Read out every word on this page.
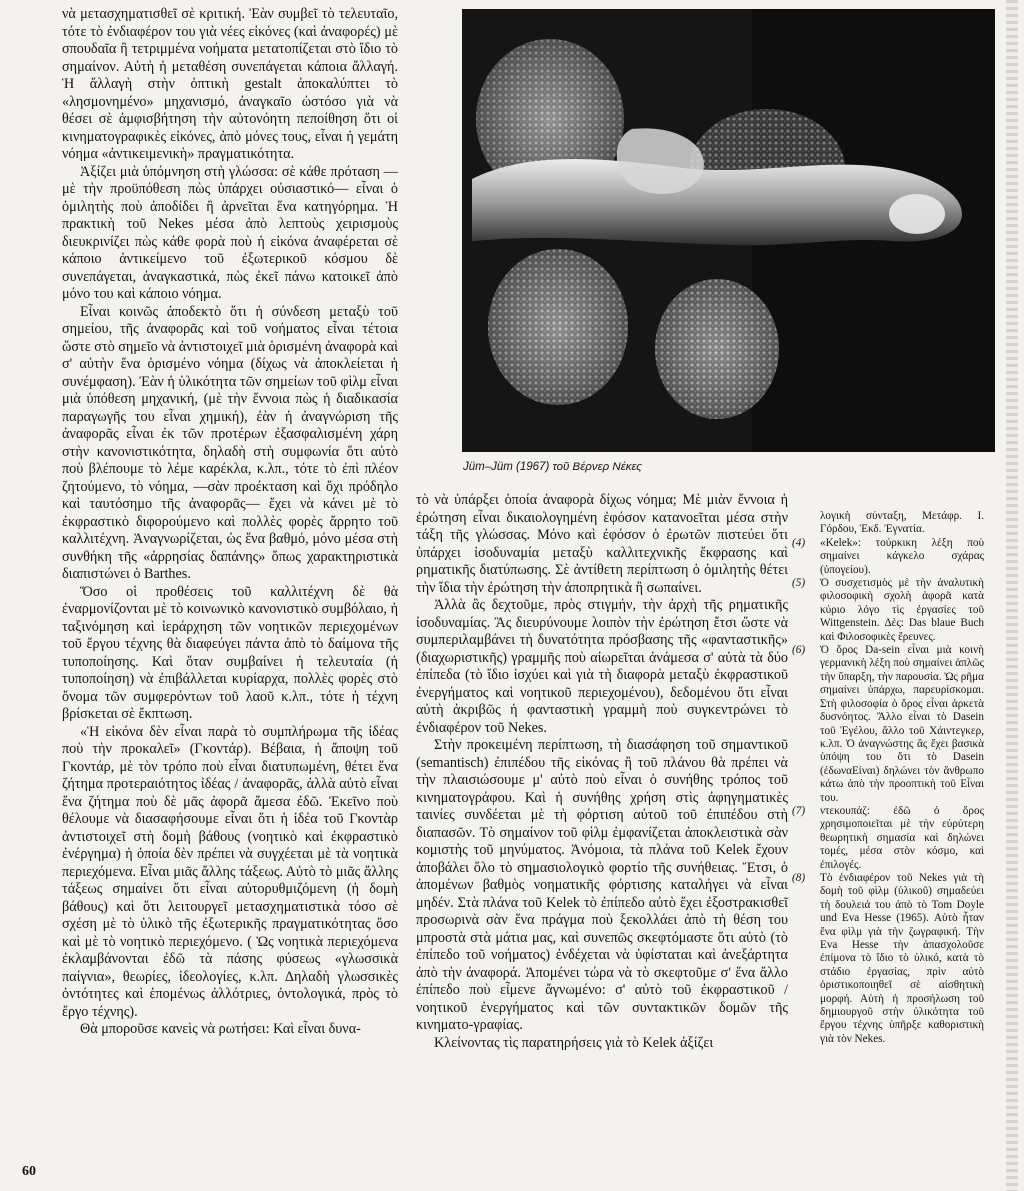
νὰ μετασχηματισθεῖ σὲ κριτική. Ἐὰν συμβεῖ τὸ τελευταῖο, τότε τὸ ἐνδιαφέρον του γιὰ νέες εἰκόνες (καὶ ἀναφορές) μὲ σπουδαῖα ἢ τετριμμένα νοήματα μετατοπίζεται στὸ ἴδιο τὸ σημαίνον. Αὐτὴ ἡ μεταθέση συνεπάγεται κάποια ἄλλαγή. Ἡ ἄλλαγὴ στὴν ὀπτικὴ gestalt ἀποκαλύπτει τὸ «λησμονημένο» μηχανισμό, ἀναγκαῖο ὡστόσο γιὰ νὰ θέσει σὲ ἀμφισβήτηση τὴν αὐτονόητη πεποίθηση ὅτι οἱ κινηματογραφικὲς εἰκόνες, ἀπὸ μόνες τους, εἶναι ἡ γεμάτη νόημα «ἀντικειμενικὴ» πραγματικότητα.

Ἀξίζει μιὰ ὑπόμνηση στὴ γλώσσα: σὲ κάθε πρόταση —μὲ τὴν προϋπόθεση πὼς ὑπάρχει οὐσιαστικό— εἶναι ὁ ὁμιλητὴς ποὺ ἀποδίδει ἢ ἀρνεῖται ἕνα κατηγόρημα. Ἡ πρακτικὴ τοῦ Nekes μέσα ἀπὸ λεπτοὺς χειρισμοὺς διευκρινίζει πὼς κάθε φορὰ ποὺ ἡ εἰκόνα ἀναφέρεται σὲ κάποιο ἀντικείμενο τοῦ ἐξωτερικοῦ κόσμου δὲ συνεπάγεται, ἀναγκαστικά, πὼς ἐκεῖ πάνω κατοικεῖ ἀπὸ μόνο του καὶ κάποιο νόημα.

Εἶναι κοινῶς ἀποδεκτὸ ὅτι ἡ σύνδεση μεταξὺ τοῦ σημείου, τῆς ἀναφορᾶς καὶ τοῦ νοήματος εἶναι τέτοια ὥστε στὸ σημεῖο νὰ ἀντιστοιχεῖ μιὰ ὁρισμένη ἀναφορὰ καὶ σ' αὐτὴν ἕνα ὁρισμένο νόημα (δίχως νὰ ἀποκλείεται ἡ συνέμφαση). Ἐὰν ἡ ὑλικότητα τῶν σημείων τοῦ φὶλμ εἶναι μιὰ ὑπόθεση μηχανική, (μὲ τὴν ἔννοια πὼς ἡ διαδικασία παραγωγῆς του εἶναι χημική), ἐὰν ἡ ἀναγνώριση τῆς ἀναφορᾶς εἶναι ἐκ τῶν προτέρων ἐξασφαλισμένη χάρη στὴν κανονιστικότητα, δηλαδὴ στὴ συμφωνία ὅτι αὐτὸ ποὺ βλέπουμε τὸ λέμε καρέκλα, κ.λπ., τότε τὸ ἐπὶ πλέον ζητούμενο, τὸ νόημα, —σὰν προέκταση καὶ ὄχι πρόδηλο καὶ ταυτόσημο τῆς ἀναφορᾶς— ἔχει νὰ κάνει μὲ τὸ ἐκφραστικὸ διφορούμενο καὶ πολλὲς φορὲς ἄρρητο τοῦ καλλιτέχνη. Ἀναγνωρίζεται, ὡς ἕνα βαθμό, μόνο μέσα στὴ συνθήκη τῆς «ἀρρησίας δαπάνης» ὅπως χαρακτηριστικὰ διαπιστώνει ὁ Barthes.

Ὅσο οἱ προθέσεις τοῦ καλλιτέχνη δὲ θὰ ἐναρμονίζονται μὲ τὸ κοινωνικὸ κανονιστικὸ συμβόλαιο, ἡ ταξινόμηση καὶ ἱεράρχηση τῶν νοητικῶν περιεχομένων τοῦ ἔργου τέχνης θὰ διαφεύγει πάντα ἀπὸ τὸ δαίμονα τῆς τυποποίησης. Καὶ ὅταν συμβαίνει ἡ τελευταία (ἡ τυποποίηση) νὰ ἐπιβάλλεται κυρίαρχα, πολλὲς φορὲς στὸ ὄνομα τῶν συμφερόντων τοῦ λαοῦ κ.λπ., τότε ἡ τέχνη βρίσκεται σὲ ἔκπτωση.

«Ἡ εἰκόνα δὲν εἶναι παρὰ τὸ συμπλήρωμα τῆς ἰδέας ποὺ τὴν προκαλεῖ» (Γκοντάρ). Βέβαια, ἡ ἄποψη τοῦ Γκοντάρ, μὲ τὸν τρόπο ποὺ εἶναι διατυπωμένη, θέτει ἕνα ζήτημα προτεραιότητος ἰδέας / ἀναφορᾶς, ἀλλὰ αὐτὸ εἶναι ἕνα ζήτημα ποὺ δὲ μᾶς ἀφορᾶ ἄμεσα ἐδῶ. Ἐκεῖνο ποὺ θέλουμε νὰ διασαφήσουμε εἶναι ὅτι ἡ ἰδέα τοῦ Γκοντὰρ ἀντιστοιχεῖ στὴ δομὴ βάθους (νοητικὸ καὶ ἐκφραστικὸ ἐνέργημα) ἡ ὁποία δὲν πρέπει νὰ συγχέεται μὲ τὰ νοητικὰ περιεχόμενα. Εἶναι μιᾶς ἄλλης τάξεως. Αὐτὸ τὸ μιᾶς ἄλλης τάξεως σημαίνει ὅτι εἶναι αὐτορυθμιζόμενη (ἡ δομὴ βάθους) καὶ ὅτι λειτουργεῖ μετασχηματιστικὰ τόσο σὲ σχέση μὲ τὸ ὑλικὸ τῆς ἐξωτερικῆς πραγματικότητας ὅσο καὶ μὲ τὸ νοητικὸ περιεχόμενο. ( Ὡς νοητικὰ περιεχόμενα ἐκλαμβάνονται ἐδῶ τὰ πάσης φύσεως «γλωσσικὰ παίγνια», θεωρίες, ἰδεολογίες, κ.λπ. Δηλαδὴ γλωσσικὲς ὀντότητες καὶ ἑπομένως ἀλλότριες, ὀντολογικά, πρὸς τὸ ἔργο τέχνης).

Θὰ μποροῦσε κανεὶς νὰ ρωτήσει: Καὶ εἶναι δυνα-

Jüm–Jüm (1967) τοῦ Βέρνερ Νέκες

τὸ νὰ ὑπάρξει ὁποία ἀναφορὰ δίχως νόημα; Μὲ μιὰν ἔννοια ἡ ἐρώτηση εἶναι δικαιολογημένη ἐφόσον κατανοεῖται μέσα στὴν τάξη τῆς γλώσσας. Μόνο καὶ ἐφόσον ὁ ἐρωτῶν πιστεύει ὅτι ὑπάρχει ἰσοδυναμία μεταξὺ καλλιτεχνικῆς ἔκφρασης καὶ ρηματικῆς διατύπωσης. Σὲ ἀντίθετη περίπτωση ὁ ὁμιλητὴς θέτει τὴν ἴδια τὴν ἐρώτηση τὴν ἀποπρητικὰ ἢ σωπαίνει.

Ἀλλὰ ἂς δεχτοῦμε, πρὸς στιγμήν, τὴν ἀρχὴ τῆς ρηματικῆς ἰσοδυναμίας. Ἂς διευρύνουμε λοιπὸν τὴν ἐρώτηση ἔτσι ὥστε νὰ συμπεριλαμβάνει τὴ δυνατότητα πρόσβασης τῆς «φανταστικῆς» (διαχωριστικῆς) γραμμῆς ποὺ αἰωρεῖται ἀνάμεσα σ' αὐτὰ τὰ δύο ἐπίπεδα (τὸ ἴδιο ἰσχύει καὶ γιὰ τὴ διαφορὰ μεταξὺ ἐκφραστικοῦ ἐνεργήματος καὶ νοητικοῦ περιεχομένου), δεδομένου ὅτι εἶναι αὐτὴ ἀκριβῶς ἡ φανταστικὴ γραμμὴ ποὺ συγκεντρώνει τὸ ἐνδιαφέρον τοῦ Nekes.

Στὴν προκειμένη περίπτωση, τὴ διασάφηση τοῦ σημαντικοῦ (semantisch) ἐπιπέδου τῆς εἰκόνας ἢ τοῦ πλάνου θὰ πρέπει νὰ τὴν πλαισιώσουμε μ' αὐτὸ ποὺ εἶναι ὁ συνήθης τρόπος τοῦ κινηματογράφου. Καὶ ἡ συνήθης χρήση στὶς ἀφηγηματικὲς ταινίες συνδέεται μὲ τὴ φόρτιση αὐτοῦ τοῦ ἐπιπέδου στὴ διαπασῶν. Τὸ σημαίνον τοῦ φὶλμ ἐμφανίζεται ἀποκλειστικὰ σὰν κομιστὴς τοῦ μηνύματος. Ἀνόμοια, τὰ πλάνα τοῦ Kelek ἔχουν ἀποβάλει ὅλο τὸ σημασιολογικὸ φορτίο τῆς συνήθειας. Ἔτσι, ὁ ἀπομένων βαθμὸς νοηματικῆς φόρτισης καταλήγει νὰ εἶναι μηδέν. Στὰ πλάνα τοῦ Kelek τὸ ἐπίπεδο αὐτὸ ἔχει ἐξοστρακισθεῖ προσωρινὰ σὰν ἕνα πράγμα ποὺ ξεκολλάει ἀπὸ τὴ θέση του μπροστὰ στὰ μάτια μας, καὶ συνεπῶς σκεφτόμαστε ὅτι αὐτὸ (τὸ ἐπίπεδο τοῦ νοήματος) ἐνδέχεται νὰ ὑφίσταται καὶ ἀνεξάρτητα ἀπὸ τὴν ἀναφορά. Ἀπομένει τώρα νὰ τὸ σκεφτοῦμε σ' ἕνα ἄλλο ἐπίπεδο ποὺ εἶμενε ἄγνωμένο: σ' αὐτὸ τοῦ ἐκφραστικοῦ / νοητικοῦ ἐνεργήματος καὶ τῶν συντακτικῶν δομῶν τῆς κινηματο-γραφίας.

Κλείνοντας τὶς παρατηρήσεις γιὰ τὸ Kelek ἀξίζει

λογικὴ σύνταξη, Μετάφρ. Ι. Γόρδου, Ἐκδ. Ἐγνατία.
(4)	«Kelek»: τούρκικη λέξη ποὺ σημαίνει κάγκελο σχάρας (ὑπογείου).
(5)	Ὁ συσχετισμὸς μὲ τὴν ἀναλυτικὴ φιλοσοφικὴ σχολὴ ἀφορᾶ κατὰ κύριο λόγο τὶς ἐργασίες τοῦ Wittgenstein. Δὲς: Das blaue Buch καὶ Φιλοσοφικὲς ἔρευνες.
(6)	Ὁ ὅρος Da-sein εἶναι μιὰ κοινὴ γερμανικὴ λέξη ποὺ σημαίνει ἁπλῶς τὴν ὕπαρξη, τὴν παρουσία. Ὡς ρῆμα σημαίνει ὑπάρχω, παρευρίσκομαι. Στὴ φιλοσοφία ὁ ὅρος εἶναι ἀρκετὰ δυσνόητος. Ἄλλο εἶναι τὸ Dasein τοῦ Ἐγέλου, ἄλλο τοῦ Χάιντεγκερ, κ.λπ. Ὁ ἀναγνώστης ἂς ἔχει βασικὰ ὑπόψη του ὅτι τὸ Dasein (ἐδωναΕίναι) δηλώνει τὸν ἄνθρωπο κάτω ἀπὸ τὴν προοπτικὴ τοῦ Εἶναι του.
(7)	ντεκουπάζ: ἐδῶ ὁ ὅρος χρησιμοποιεῖται μὲ τὴν εὐρύτερη θεωρητικὴ σημασία καὶ δηλώνει τομές, μέσα στὸν κόσμο, καὶ ἐπιλογές.
(8)	Τὸ ἐνδιαφέρον τοῦ Nekes γιὰ τὴ δομὴ τοῦ φὶλμ (ὑλικοῦ) σημαδεύει τὴ δουλειά του ἀπὸ τὸ Tom Doyle und Eva Hesse (1965). Αὐτὸ ἦταν ἕνα φὶλμ γιὰ τὴν ζωγραφική. Τὴν Eva Hesse τὴν ἀπασχολοῦσε ἐπίμονα τὸ ἴδιο τὸ ὑλικό, κατὰ τὸ στάδιο ἐργασίας, πρὶν αὐτὸ ὁριστικοποιηθεῖ σὲ αἰσθητικὴ μορφή. Αὐτὴ ἡ προσήλωση τοῦ δημιουργοῦ στὴν ὑλικότητα τοῦ ἔργου τέχνης ὑπῆρξε καθοριστικὴ γιὰ τὸν Nekes.
60
